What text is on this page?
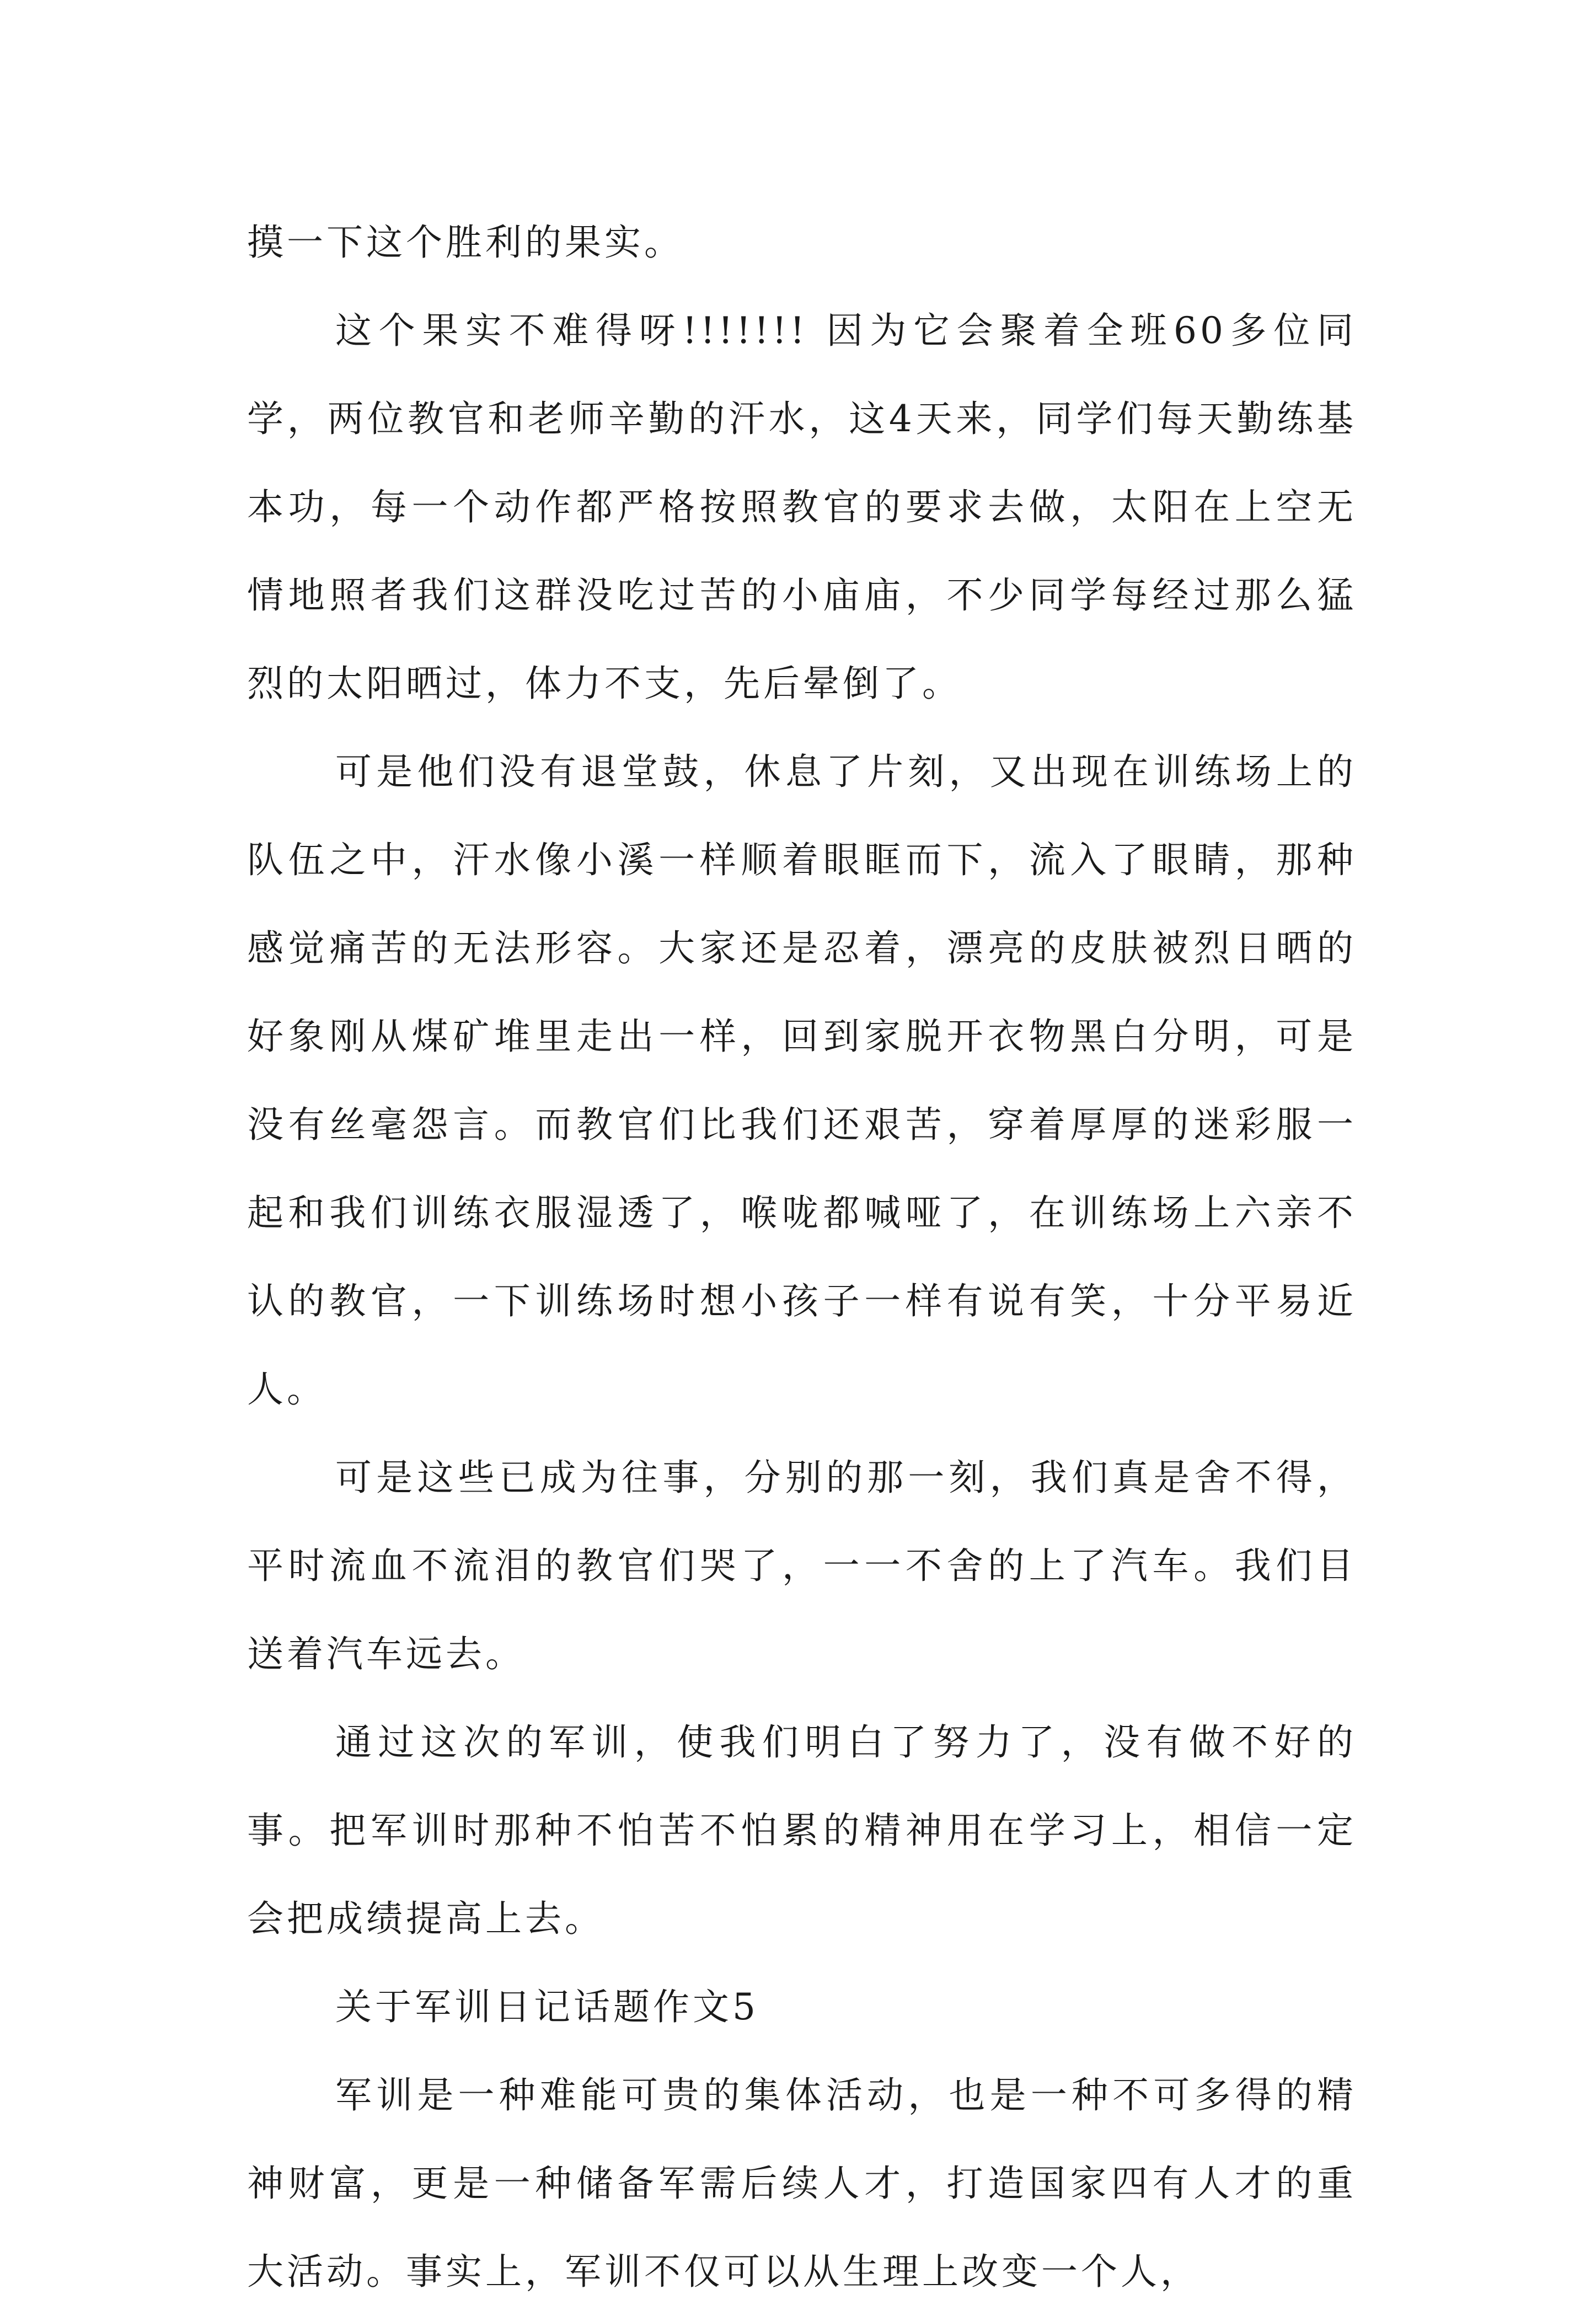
摸一下这个胜利的果实。

这个果实不难得呀!!!!!!! 因为它会聚着全班60多位同学，两位教官和老师辛勤的汗水，这4天来，同学们每天勤练基本功，每一个动作都严格按照教官的要求去做，太阳在上空无情地照者我们这群没吃过苦的小庙庙，不少同学每经过那么猛烈的太阳晒过，体力不支，先后晕倒了。

可是他们没有退堂鼓，休息了片刻，又出现在训练场上的队伍之中，汗水像小溪一样顺着眼眶而下，流入了眼睛，那种感觉痛苦的无法形容。大家还是忍着，漂亮的皮肤被烈日晒的好象刚从煤矿堆里走出一样，回到家脱开衣物黑白分明，可是没有丝毫怨言。而教官们比我们还艰苦，穿着厚厚的迷彩服一起和我们训练衣服湿透了，喉咙都喊哑了，在训练场上六亲不认的教官，一下训练场时想小孩子一样有说有笑，十分平易近人。

可是这些已成为往事，分别的那一刻，我们真是舍不得，平时流血不流泪的教官们哭了，一一不舍的上了汽车。我们目送着汽车远去。

通过这次的军训，使我们明白了努力了，没有做不好的事。把军训时那种不怕苦不怕累的精神用在学习上，相信一定会把成绩提高上去。

关于军训日记话题作文5

军训是一种难能可贵的集体活动，也是一种不可多得的精神财富，更是一种储备军需后续人才，打造国家四有人才的重大活动。事实上，军训不仅可以从生理上改变一个人，
